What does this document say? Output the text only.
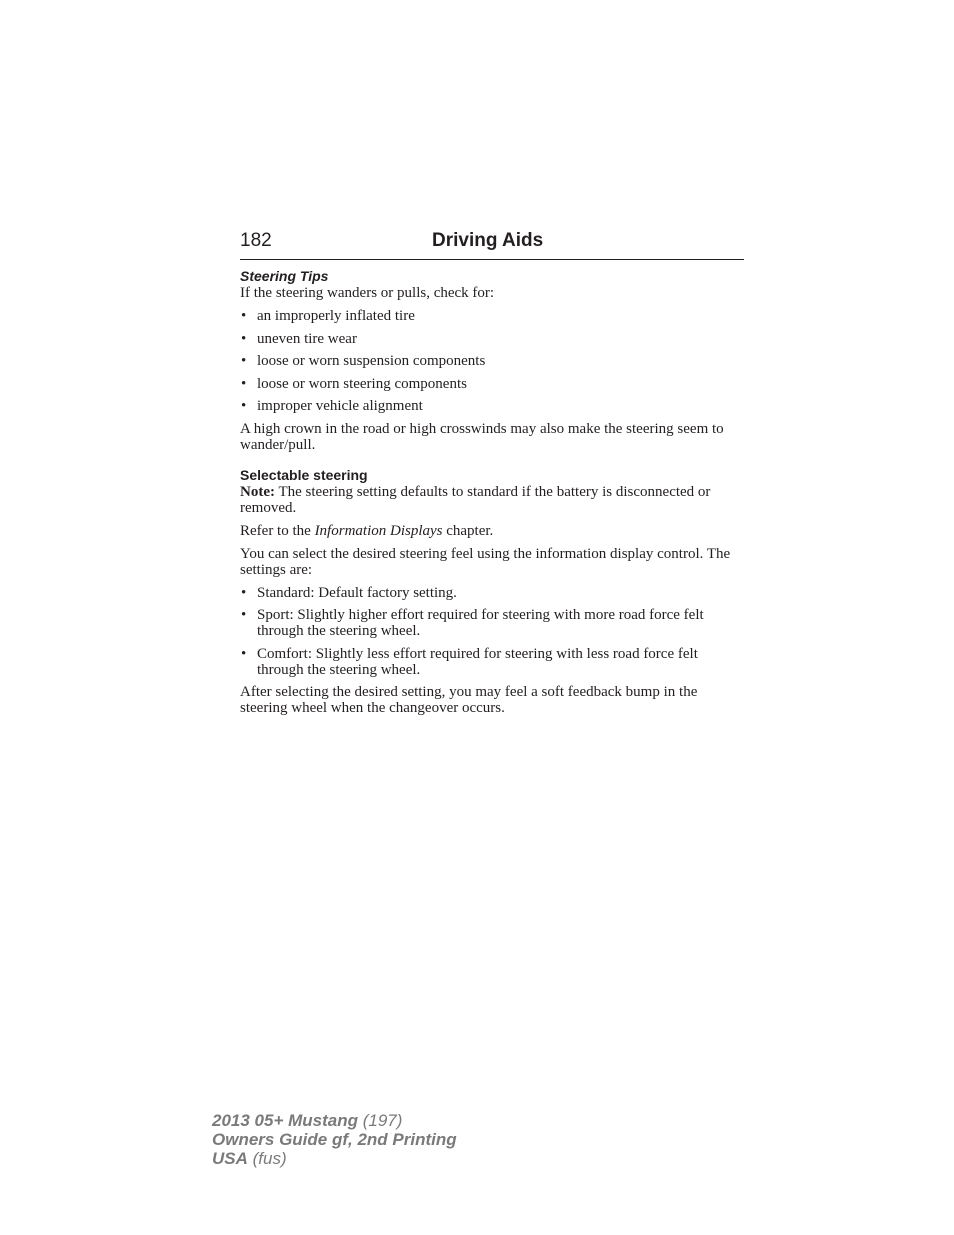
182	Driving Aids

Steering Tips

If the steering wanders or pulls, check for:

• an improperly inflated tire
• uneven tire wear
• loose or worn suspension components
• loose or worn steering components
• improper vehicle alignment

A high crown in the road or high crosswinds may also make the steering seem to wander/pull.

Selectable steering

Note: The steering setting defaults to standard if the battery is disconnected or removed.

Refer to the Information Displays chapter.

You can select the desired steering feel using the information display control. The settings are:

• Standard: Default factory setting.
• Sport: Slightly higher effort required for steering with more road force felt through the steering wheel.
• Comfort: Slightly less effort required for steering with less road force felt through the steering wheel.

After selecting the desired setting, you may feel a soft feedback bump in the steering wheel when the changeover occurs.

2013 05+ Mustang (197)
Owners Guide gf, 2nd Printing
USA (fus)
